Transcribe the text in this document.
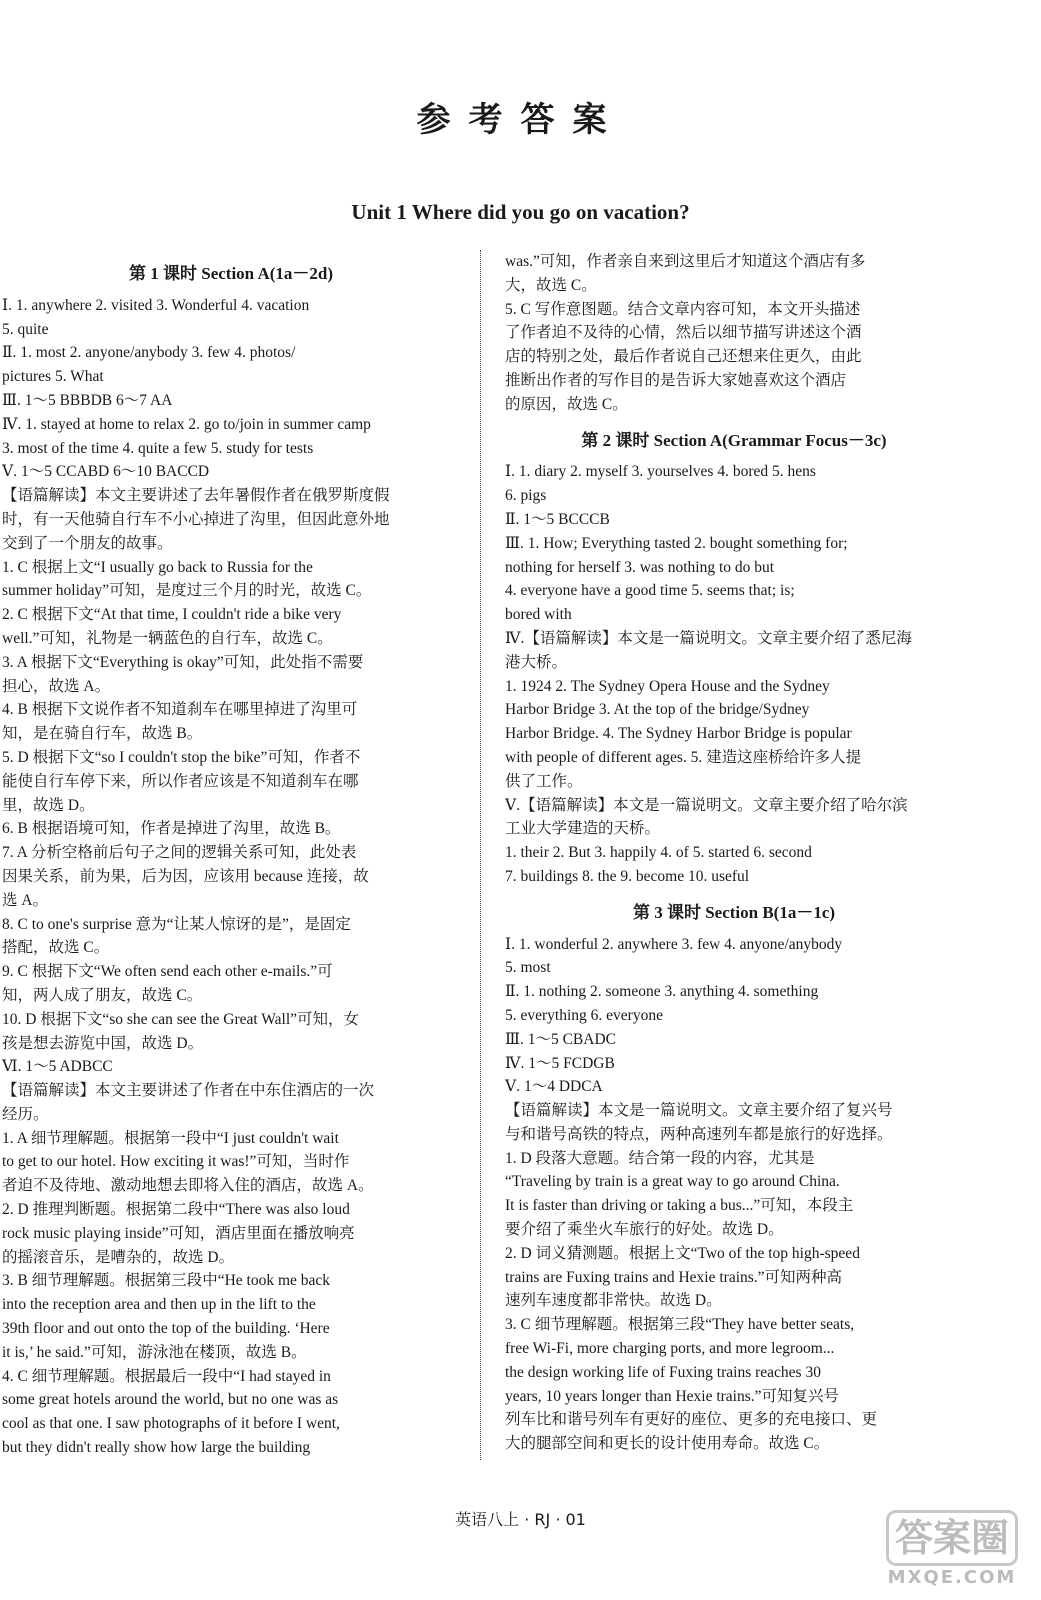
参考答案
Unit 1 Where did you go on vacation?
第 1 课时 Section A(1a－2d)
Ⅰ. 1. anywhere 2. visited 3. Wonderful 4. vacation
5. quite
Ⅱ. 1. most 2. anyone/anybody 3. few 4. photos/
pictures 5. What
Ⅲ. 1～5 BBBDB 6～7 AA
Ⅳ. 1. stayed at home to relax 2. go to/join in summer camp
3. most of the time 4. quite a few 5. study for tests
Ⅴ. 1～5 CCABD 6～10 BACCD
【语篇解读】本文主要讲述了去年暑假作者在俄罗斯度假
时，有一天他骑自行车不小心掉进了沟里，但因此意外地
交到了一个朋友的故事。
1. C 根据上文“I usually go back to Russia for the
summer holiday”可知，是度过三个月的时光，故选 C。
2. C 根据下文“At that time, I couldn't ride a bike very
well.”可知，礼物是一辆蓝色的自行车，故选 C。
3. A 根据下文“Everything is okay”可知，此处指不需要
担心，故选 A。
4. B 根据下文说作者不知道刹车在哪里掉进了沟里可
知，是在骑自行车，故选 B。
5. D 根据下文“so I couldn't stop the bike”可知，作者不
能使自行车停下来，所以作者应该是不知道刹车在哪
里，故选 D。
6. B 根据语境可知，作者是掉进了沟里，故选 B。
7. A 分析空格前后句子之间的逻辑关系可知，此处表
因果关系，前为果，后为因，应该用 because 连接，故
选 A。
8. C to one's surprise 意为“让某人惊讶的是”，是固定
搭配，故选 C。
9. C 根据下文“We often send each other e-mails.”可
知，两人成了朋友，故选 C。
10. D 根据下文“so she can see the Great Wall”可知，女
孩是想去游览中国，故选 D。
Ⅵ. 1～5 ADBCC
【语篇解读】本文主要讲述了作者在中东住酒店的一次
经历。
1. A 细节理解题。根据第一段中“I just couldn't wait
to get to our hotel. How exciting it was!”可知，当时作
者迫不及待地、激动地想去即将入住的酒店，故选 A。
2. D 推理判断题。根据第二段中“There was also loud
rock music playing inside”可知，酒店里面在播放响亮
的摇滚音乐，是嘈杂的，故选 D。
3. B 细节理解题。根据第三段中“He took me back
into the reception area and then up in the lift to the
39th floor and out onto the top of the building. ‘Here
it is,’ he said.”可知，游泳池在楼顶，故选 B。
4. C 细节理解题。根据最后一段中“I had stayed in
some great hotels around the world, but no one was as
cool as that one. I saw photographs of it before I went,
but they didn't really show how large the building
was.”可知，作者亲自来到这里后才知道这个酒店有多
大，故选 C。
5. C 写作意图题。结合文章内容可知，本文开头描述
了作者迫不及待的心情，然后以细节描写讲述这个酒
店的特别之处，最后作者说自己还想来住更久，由此
推断出作者的写作目的是告诉大家她喜欢这个酒店
的原因，故选 C。
第 2 课时 Section A(Grammar Focus－3c)
Ⅰ. 1. diary 2. myself 3. yourselves 4. bored 5. hens
6. pigs
Ⅱ. 1～5 BCCCB
Ⅲ. 1. How; Everything tasted 2. bought something for;
nothing for herself 3. was nothing to do but
4. everyone have a good time 5. seems that; is;
bored with
Ⅳ.【语篇解读】本文是一篇说明文。文章主要介绍了悉尼海
港大桥。
1. 1924 2. The Sydney Opera House and the Sydney
Harbor Bridge 3. At the top of the bridge/Sydney
Harbor Bridge. 4. The Sydney Harbor Bridge is popular
with people of different ages. 5. 建造这座桥给许多人提
供了工作。
Ⅴ.【语篇解读】本文是一篇说明文。文章主要介绍了哈尔滨
工业大学建造的天桥。
1. their 2. But 3. happily 4. of 5. started 6. second
7. buildings 8. the 9. become 10. useful
第 3 课时 Section B(1a－1c)
Ⅰ. 1. wonderful 2. anywhere 3. few 4. anyone/anybody
5. most
Ⅱ. 1. nothing 2. someone 3. anything 4. something
5. everything 6. everyone
Ⅲ. 1～5 CBADC
Ⅳ. 1～5 FCDGB
Ⅴ. 1～4 DDCA
【语篇解读】本文是一篇说明文。文章主要介绍了复兴号
与和谐号高铁的特点，两种高速列车都是旅行的好选择。
1. D 段落大意题。结合第一段的内容，尤其是
“Traveling by train is a great way to go around China.
It is faster than driving or taking a bus...”可知，本段主
要介绍了乘坐火车旅行的好处。故选 D。
2. D 词义猜测题。根据上文“Two of the top high-speed
trains are Fuxing trains and Hexie trains.”可知两种高
速列车速度都非常快。故选 D。
3. C 细节理解题。根据第三段“They have better seats,
free Wi-Fi, more charging ports, and more legroom...
the design working life of Fuxing trains reaches 30
years, 10 years longer than Hexie trains.”可知复兴号
列车比和谐号列车有更好的座位、更多的充电接口、更
大的腿部空间和更长的设计使用寿命。故选 C。
英语八上 · RJ · 01	答案圈
MXQE.COM
